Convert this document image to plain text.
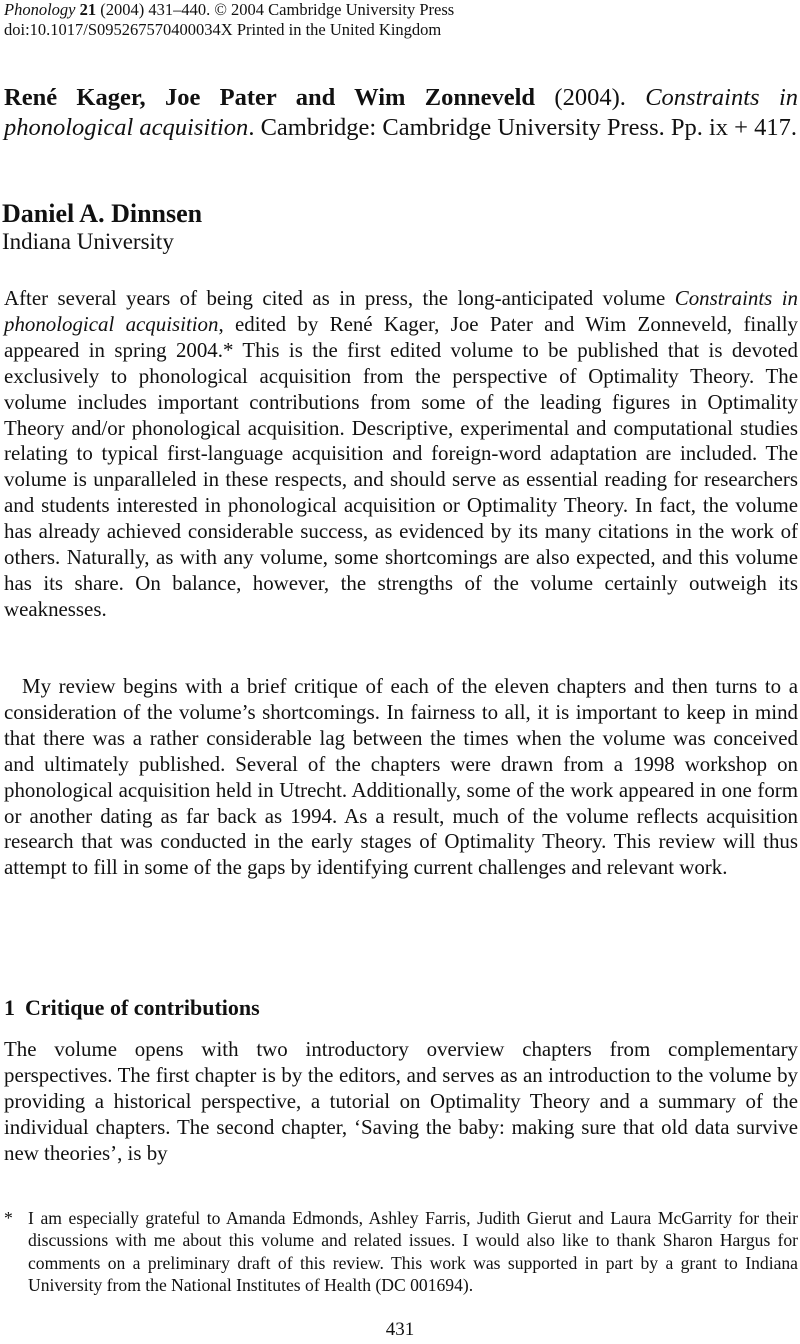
Phonology 21 (2004) 431–440. © 2004 Cambridge University Press
doi:10.1017/S095267570400034X Printed in the United Kingdom
René Kager, Joe Pater and Wim Zonneveld (2004). Constraints in phonological acquisition. Cambridge: Cambridge University Press. Pp. ix + 417.
Daniel A. Dinnsen
Indiana University

After several years of being cited as in press, the long-anticipated volume Constraints in phonological acquisition, edited by René Kager, Joe Pater and Wim Zonneveld, finally appeared in spring 2004.* This is the first edited volume to be published that is devoted exclusively to phonological acquisition from the perspective of Optimality Theory. The volume includes important contributions from some of the leading figures in Optimality Theory and/or phonological acquisition. Descriptive, experimental and computational studies relating to typical first-language acquisition and foreign-word adaptation are included. The volume is unparalleled in these respects, and should serve as essential reading for researchers and students interested in phonological acquisition or Optimality Theory. In fact, the volume has already achieved considerable success, as evidenced by its many citations in the work of others. Naturally, as with any volume, some shortcomings are also expected, and this volume has its share. On balance, however, the strengths of the volume certainly outweigh its weaknesses.

My review begins with a brief critique of each of the eleven chapters and then turns to a consideration of the volume’s shortcomings. In fairness to all, it is important to keep in mind that there was a rather considerable lag between the times when the volume was conceived and ultimately published. Several of the chapters were drawn from a 1998 workshop on phonological acquisition held in Utrecht. Additionally, some of the work appeared in one form or another dating as far back as 1994. As a result, much of the volume reflects acquisition research that was conducted in the early stages of Optimality Theory. This review will thus attempt to fill in some of the gaps by identifying current challenges and relevant work.

1 Critique of contributions

The volume opens with two introductory overview chapters from complementary perspectives. The first chapter is by the editors, and serves as an introduction to the volume by providing a historical perspective, a tutorial on Optimality Theory and a summary of the individual chapters. The second chapter, ‘Saving the baby: making sure that old data survive new theories’, is by

* I am especially grateful to Amanda Edmonds, Ashley Farris, Judith Gierut and Laura McGarrity for their discussions with me about this volume and related issues. I would also like to thank Sharon Hargus for comments on a preliminary draft of this review. This work was supported in part by a grant to Indiana University from the National Institutes of Health (DC 001694).
431
